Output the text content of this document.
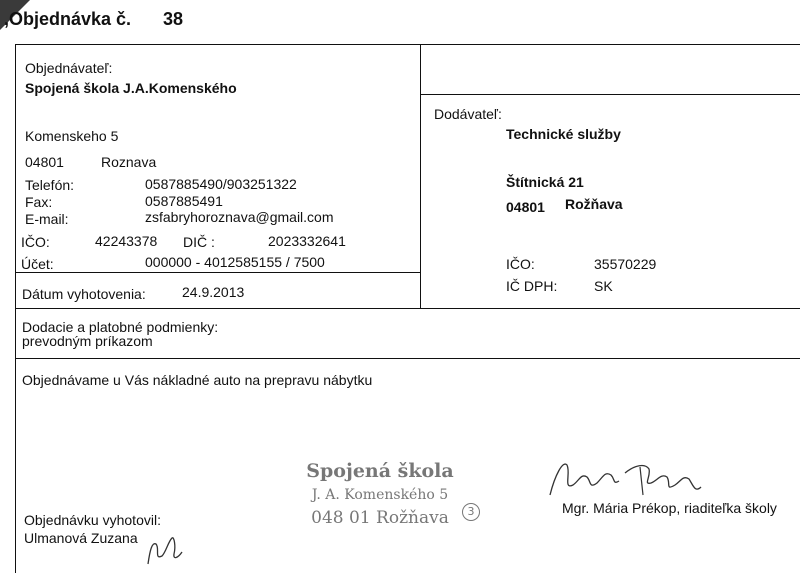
,Objednávka č. 38
Objednávateľ:
Spojená škola J.A.Komenského
Komenskeho 5
04801	Roznava
Telefón:	0587885490/903251322
Fax:	0587885491
E-mail:	zsfabryhoroznava@gmail.com
IČO:	42243378 DIČ :	2023332641
Účet:	000000 - 4012585155 / 7500
Dátum vyhotovenia:	24.9.2013
Dodávateľ:
Technické služby
Štítnická 21
04801 Rožňava
IČO:	35570229
IČ DPH:	SK
Dodacie a platobné podmienky:
prevodným príkazom
Objednávame u Vás nákladné auto na prepravu nábytku
Spojená škola
J. A. Komenského 5
048 01 Rožňava	3	Mgr. Mária Prékop, riaditeľka školy
Objednávku vyhotovil:
Ulmanová Zuzana
